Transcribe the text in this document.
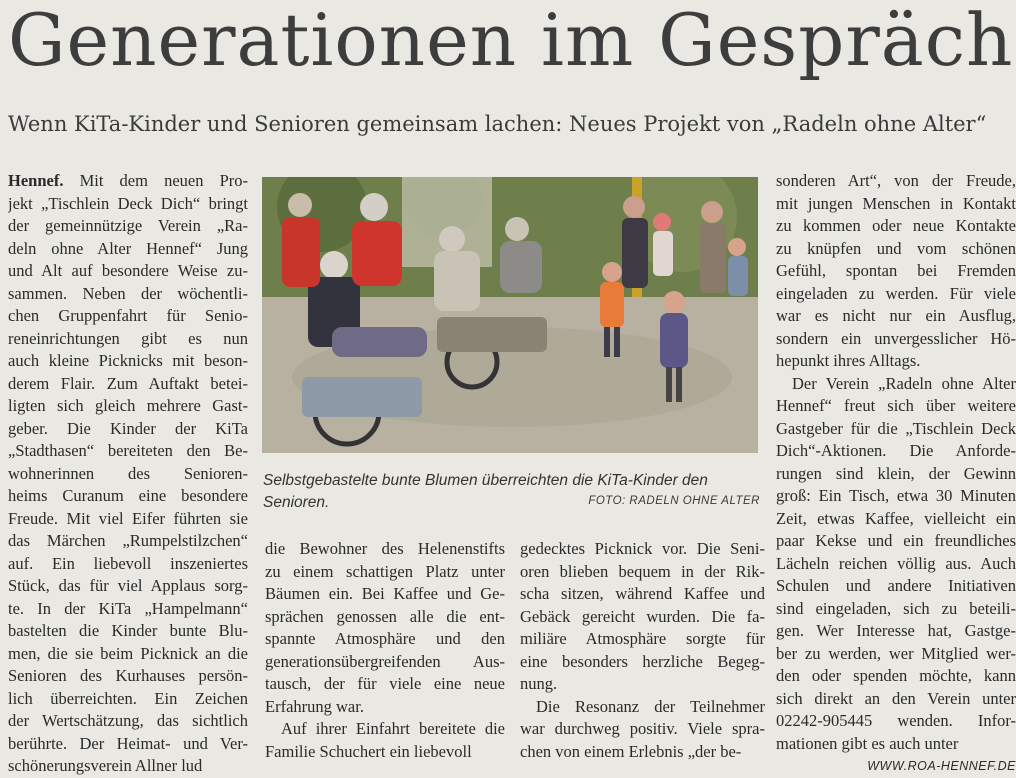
Generationen im Gespräch
Wenn KiTa-Kinder und Senioren gemeinsam lachen: Neues Projekt von „Radeln ohne Alter“
Hennef. Mit dem neuen Pro-
jekt „Tischlein Deck Dich“ bringt
der gemeinnützige Verein „Ra-
deln ohne Alter Hennef“ Jung
und Alt auf besondere Weise zu-
sammen. Neben der wöchentli-
chen Gruppenfahrt für Senio-
reneinrichtungen gibt es nun
auch kleine Picknicks mit beson-
derem Flair. Zum Auftakt betei-
ligten sich gleich mehrere Gast-
geber. Die Kinder der KiTa
„Stadthasen“ bereiteten den Be-
wohnerinnen des Senioren-
heims Curanum eine besondere
Freude. Mit viel Eifer führten sie
das Märchen „Rumpelstilzchen“
auf. Ein liebevoll inszeniertes
Stück, das für viel Applaus sorg-
te. In der KiTa „Hampelmann“
bastelten die Kinder bunte Blu-
men, die sie beim Picknick an die
Senioren des Kurhauses persön-
lich überreichten. Ein Zeichen
der Wertschätzung, das sichtlich
berührte. Der Heimat- und Ver-
schönerungsverein Allner lud

Selbstgebastelte bunte Blumen überreichten die KiTa-Kinder den Senioren.	FOTO: RADELN OHNE ALTER
die Bewohner des Helenenstifts
zu einem schattigen Platz unter
Bäumen ein. Bei Kaffee und Ge-
sprächen genossen alle die ent-
spannte Atmosphäre und den
generationsübergreifenden Aus-
tausch, der für viele eine neue
Erfahrung war.
Auf ihrer Einfahrt bereitete die
Familie Schuchert ein liebevoll
gedecktes Picknick vor. Die Seni-
oren blieben bequem in der Rik-
scha sitzen, während Kaffee und
Gebäck gereicht wurden. Die fa-
miliäre Atmosphäre sorgte für
eine besonders herzliche Begeg-
nung.
Die Resonanz der Teilnehmer
war durchweg positiv. Viele spra-
chen von einem Erlebnis „der be-
sonderen Art“, von der Freude,
mit jungen Menschen in Kontakt
zu kommen oder neue Kontakte
zu knüpfen und vom schönen
Gefühl, spontan bei Fremden
eingeladen zu werden. Für viele
war es nicht nur ein Ausflug,
sondern ein unvergesslicher Hö-
hepunkt ihres Alltags.
Der Verein „Radeln ohne Alter
Hennef“ freut sich über weitere
Gastgeber für die „Tischlein Deck
Dich“-Aktionen. Die Anforde-
rungen sind klein, der Gewinn
groß: Ein Tisch, etwa 30 Minuten
Zeit, etwas Kaffee, vielleicht ein
paar Kekse und ein freundliches
Lächeln reichen völlig aus. Auch
Schulen und andere Initiativen
sind eingeladen, sich zu beteili-
gen. Wer Interesse hat, Gastge-
ber zu werden, wer Mitglied wer-
den oder spenden möchte, kann
sich direkt an den Verein unter
02242-905445 wenden. Infor-
mationen gibt es auch unter
WWW.ROA-HENNEF.DE
